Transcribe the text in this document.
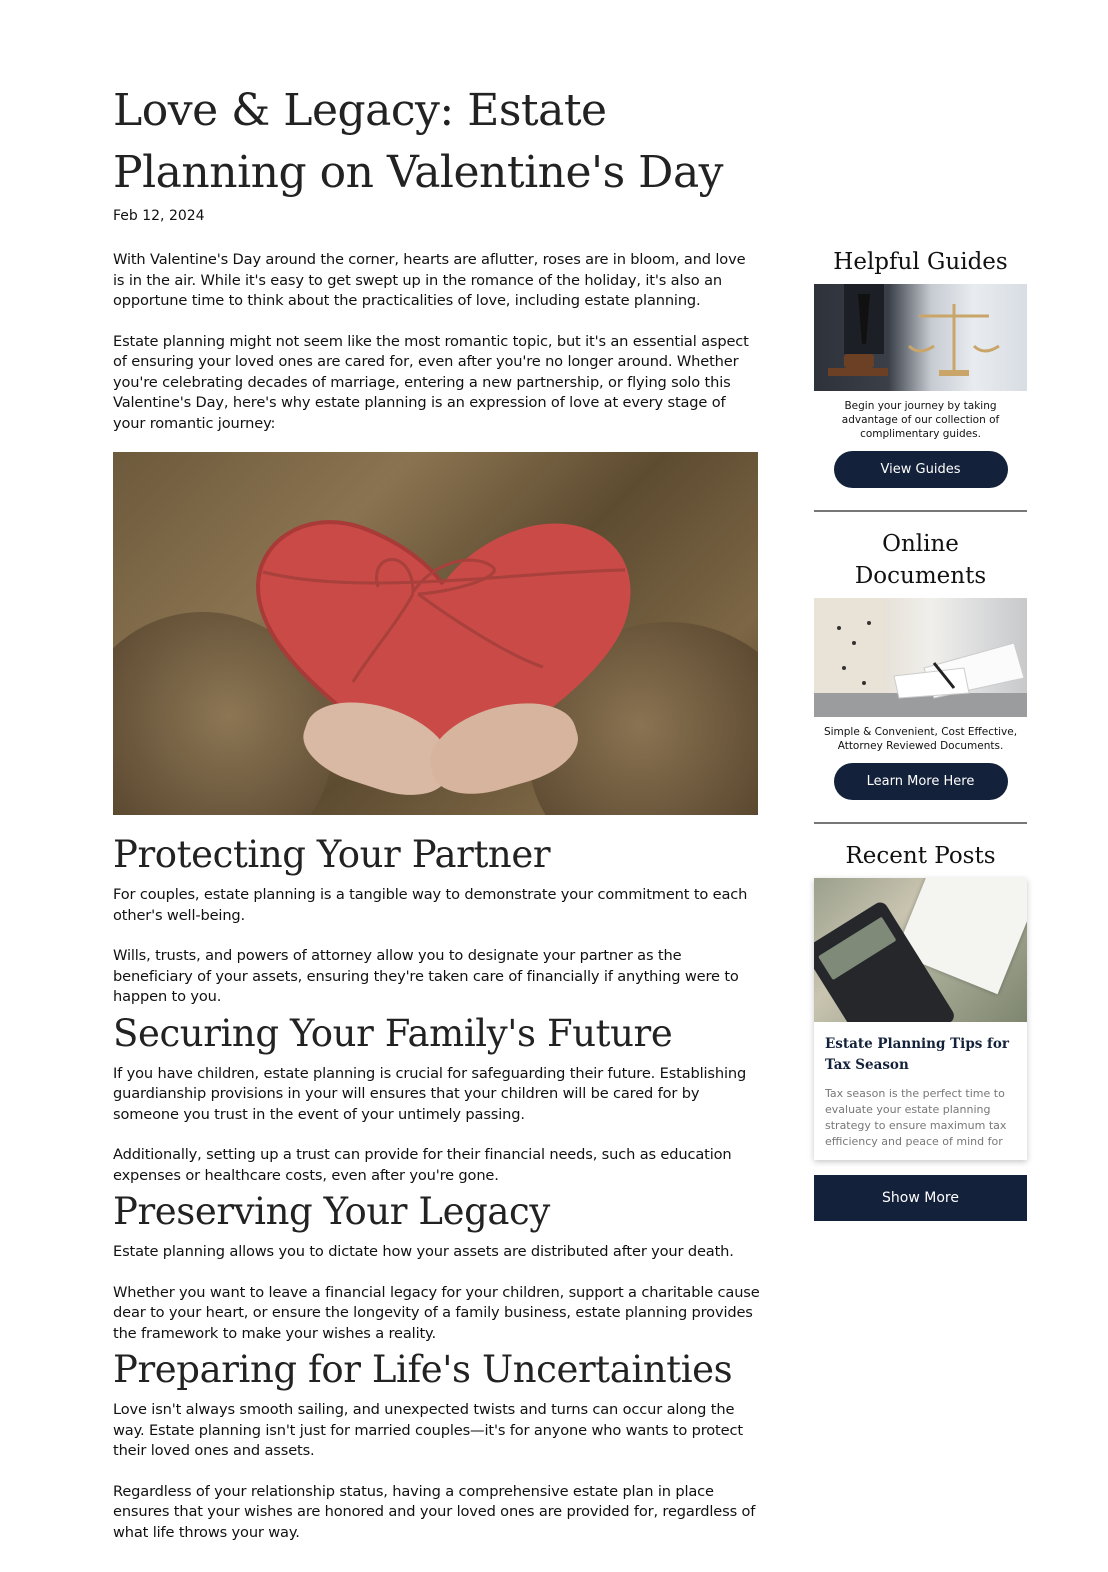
Love & Legacy: Estate Planning on Valentine's Day

Feb 12, 2024

With Valentine's Day around the corner, hearts are aflutter, roses are in bloom, and love is in the air. While it's easy to get swept up in the romance of the holiday, it's also an opportune time to think about the practicalities of love, including estate planning.

Estate planning might not seem like the most romantic topic, but it's an essential aspect of ensuring your loved ones are cared for, even after you're no longer around. Whether you're celebrating decades of marriage, entering a new partnership, or flying solo this Valentine's Day, here's why estate planning is an expression of love at every stage of your romantic journey:

Protecting Your Partner

For couples, estate planning is a tangible way to demonstrate your commitment to each other's well-being.

Wills, trusts, and powers of attorney allow you to designate your partner as the beneficiary of your assets, ensuring they're taken care of financially if anything were to happen to you.

Securing Your Family's Future

If you have children, estate planning is crucial for safeguarding their future. Establishing guardianship provisions in your will ensures that your children will be cared for by someone you trust in the event of your untimely passing.

Additionally, setting up a trust can provide for their financial needs, such as education expenses or healthcare costs, even after you're gone.

Preserving Your Legacy

Estate planning allows you to dictate how your assets are distributed after your death.

Whether you want to leave a financial legacy for your children, support a charitable cause dear to your heart, or ensure the longevity of a family business, estate planning provides the framework to make your wishes a reality.

Preparing for Life's Uncertainties

Love isn't always smooth sailing, and unexpected twists and turns can occur along the way. Estate planning isn't just for married couples—it's for anyone who wants to protect their loved ones and assets.

Regardless of your relationship status, having a comprehensive estate plan in place ensures that your wishes are honored and your loved ones are provided for, regardless of what life throws your way.

Helpful Guides

Begin your journey by taking advantage of our collection of complimentary guides.

View Guides
Online Documents

Simple & Convenient, Cost Effective, Attorney Reviewed Documents.

Learn More Here
Recent Posts

Estate Planning Tips for Tax Season

Tax season is the perfect time to evaluate your estate planning strategy to ensure maximum tax efficiency and peace of mind for

Show More
